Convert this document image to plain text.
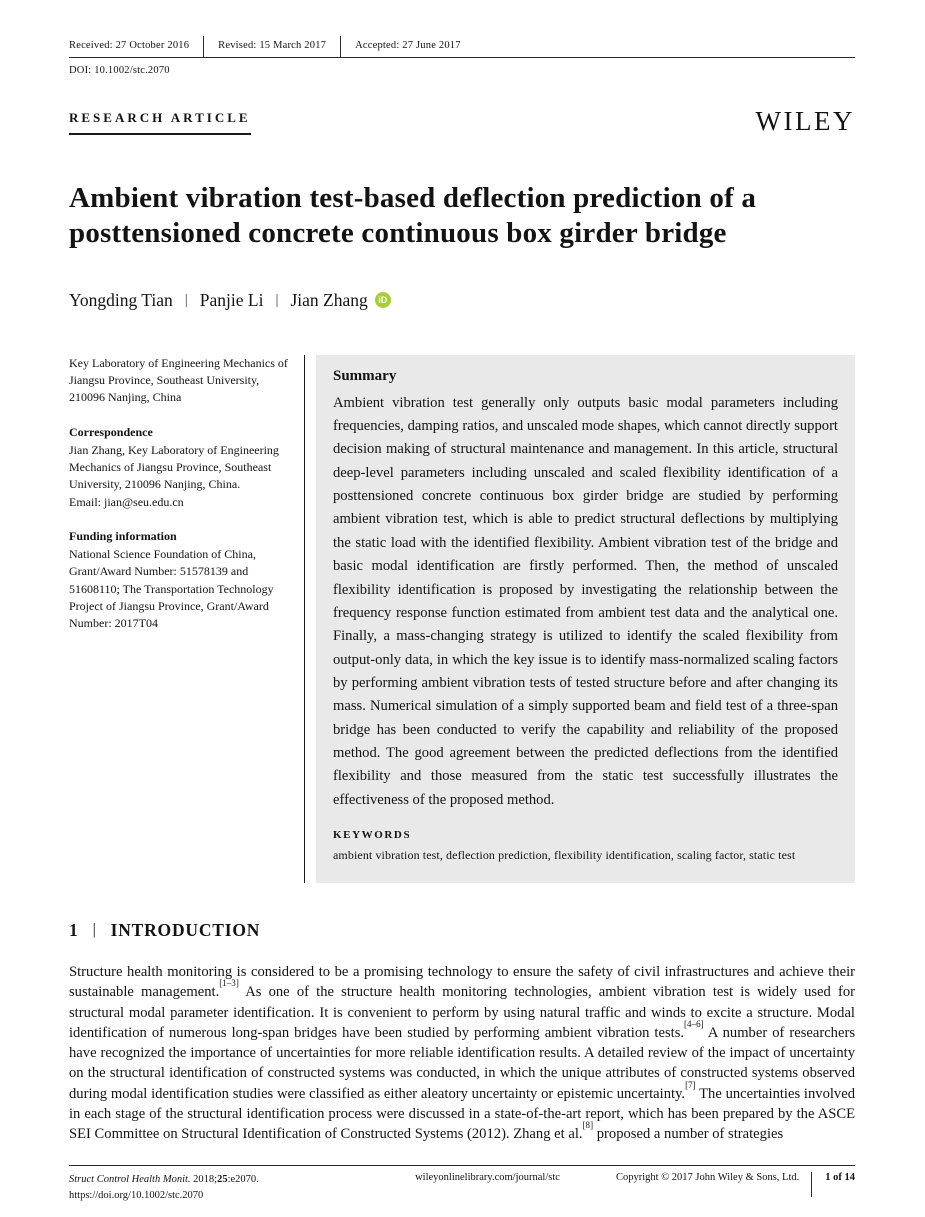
Received: 27 October 2016	Revised: 15 March 2017	Accepted: 27 June 2017
DOI: 10.1002/stc.2070
RESEARCH ARTICLE	WILEY
Ambient vibration test-based deflection prediction of a posttensioned concrete continuous box girder bridge
Yongding Tian | Panjie Li | Jian Zhang	iD
Key Laboratory of Engineering Mechanics of Jiangsu Province, Southeast University, 210096 Nanjing, China
Correspondence
Jian Zhang, Key Laboratory of Engineering Mechanics of Jiangsu Province, Southeast University, 210096 Nanjing, China.
Email: jian@seu.edu.cn
Funding information
National Science Foundation of China, Grant/Award Number: 51578139 and 51608110; The Transportation Technology Project of Jiangsu Province, Grant/Award Number: 2017T04
Summary

Ambient vibration test generally only outputs basic modal parameters including frequencies, damping ratios, and unscaled mode shapes, which cannot directly support decision making of structural maintenance and management. In this article, structural deep-level parameters including unscaled and scaled flexibility identification of a posttensioned concrete continuous box girder bridge are studied by performing ambient vibration test, which is able to predict structural deflections by multiplying the static load with the identified flexibility. Ambient vibration test of the bridge and basic modal identification are firstly performed. Then, the method of unscaled flexibility identification is proposed by investigating the relationship between the frequency response function estimated from ambient test data and the analytical one. Finally, a mass-changing strategy is utilized to identify the scaled flexibility from output-only data, in which the key issue is to identify mass-normalized scaling factors by performing ambient vibration tests of tested structure before and after changing its mass. Numerical simulation of a simply supported beam and field test of a three-span bridge has been conducted to verify the capability and reliability of the proposed method. The good agreement between the predicted deflections from the identified flexibility and those measured from the static test successfully illustrates the effectiveness of the proposed method.

KEYWORDS

ambient vibration test, deflection prediction, flexibility identification, scaling factor, static test

1 | INTRODUCTION
Structure health monitoring is considered to be a promising technology to ensure the safety of civil infrastructures and achieve their sustainable management.[1–3] As one of the structure health monitoring technologies, ambient vibration test is widely used for structural modal parameter identification. It is convenient to perform by using natural traffic and winds to excite a structure. Modal identification of numerous long-span bridges have been studied by performing ambient vibration tests.[4–6] A number of researchers have recognized the importance of uncertainties for more reliable identification results. A detailed review of the impact of uncertainty on the structural identification of constructed systems was conducted, in which the unique attributes of constructed systems observed during modal identification studies were classified as either aleatory uncertainty or epistemic uncertainty.[7] The uncertainties involved in each stage of the structural identification process were discussed in a state-of-the-art report, which has been prepared by the ASCE SEI Committee on Structural Identification of Constructed Systems (2012). Zhang et al.[8] proposed a number of strategies
Struct Control Health Monit. 2018;25:e2070.
https://doi.org/10.1002/stc.2070
wileyonlinelibrary.com/journal/stc	Copyright © 2017 John Wiley & Sons, Ltd.	1 of 14
